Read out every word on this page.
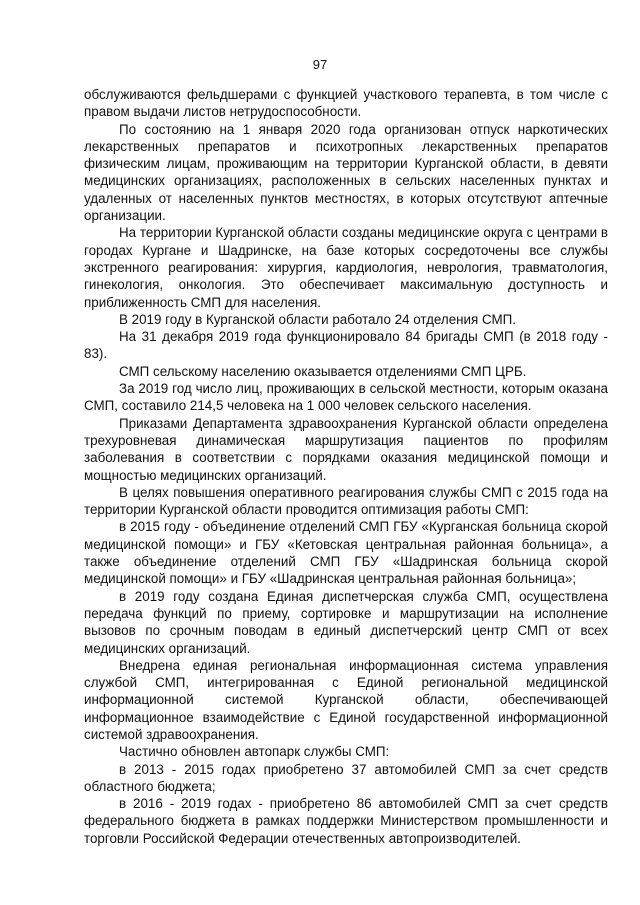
97

обслуживаются фельдшерами с функцией участкового терапевта, в том числе с правом выдачи листов нетрудоспособности.

По состоянию на 1 января 2020 года организован отпуск наркотических лекарственных препаратов и психотропных лекарственных препаратов физическим лицам, проживающим на территории Курганской области, в девяти медицинских организациях, расположенных в сельских населенных пунктах и удаленных от населенных пунктов местностях, в которых отсутствуют аптечные организации.

На территории Курганской области созданы медицинские округа с центрами в городах Кургане и Шадринске, на базе которых сосредоточены все службы экстренного реагирования: хирургия, кардиология, неврология, травматология, гинекология, онкология. Это обеспечивает максимальную доступность и приближенность СМП для населения.

В 2019 году в Курганской области работало 24 отделения СМП.

На 31 декабря 2019 года функционировало 84 бригады СМП (в 2018 году - 83).

СМП сельскому населению оказывается отделениями СМП ЦРБ.

За 2019 год число лиц, проживающих в сельской местности, которым оказана СМП, составило 214,5 человека на 1 000 человек сельского населения.

Приказами Департамента здравоохранения Курганской области определена трехуровневая динамическая маршрутизация пациентов по профилям заболевания в соответствии с порядками оказания медицинской помощи и мощностью медицинских организаций.

В целях повышения оперативного реагирования службы СМП с 2015 года на территории Курганской области проводится оптимизация работы СМП:

в 2015 году - объединение отделений СМП ГБУ «Курганская больница скорой медицинской помощи» и ГБУ «Кетовская центральная районная больница», а также объединение отделений СМП ГБУ «Шадринская больница скорой медицинской помощи» и ГБУ «Шадринская центральная районная больница»;

в 2019 году создана Единая диспетчерская служба СМП, осуществлена передача функций по приему, сортировке и маршрутизации на исполнение вызовов по срочным поводам в единый диспетчерский центр СМП от всех медицинских организаций.

Внедрена единая региональная информационная система управления службой СМП, интегрированная с Единой региональной медицинской информационной системой Курганской области, обеспечивающей информационное взаимодействие с Единой государственной информационной системой здравоохранения.

Частично обновлен автопарк службы СМП:

в 2013 - 2015 годах приобретено 37 автомобилей СМП за счет средств областного бюджета;

в 2016 - 2019 годах - приобретено 86 автомобилей СМП за счет средств федерального бюджета в рамках поддержки Министерством промышленности и торговли Российской Федерации отечественных автопроизводителей.
